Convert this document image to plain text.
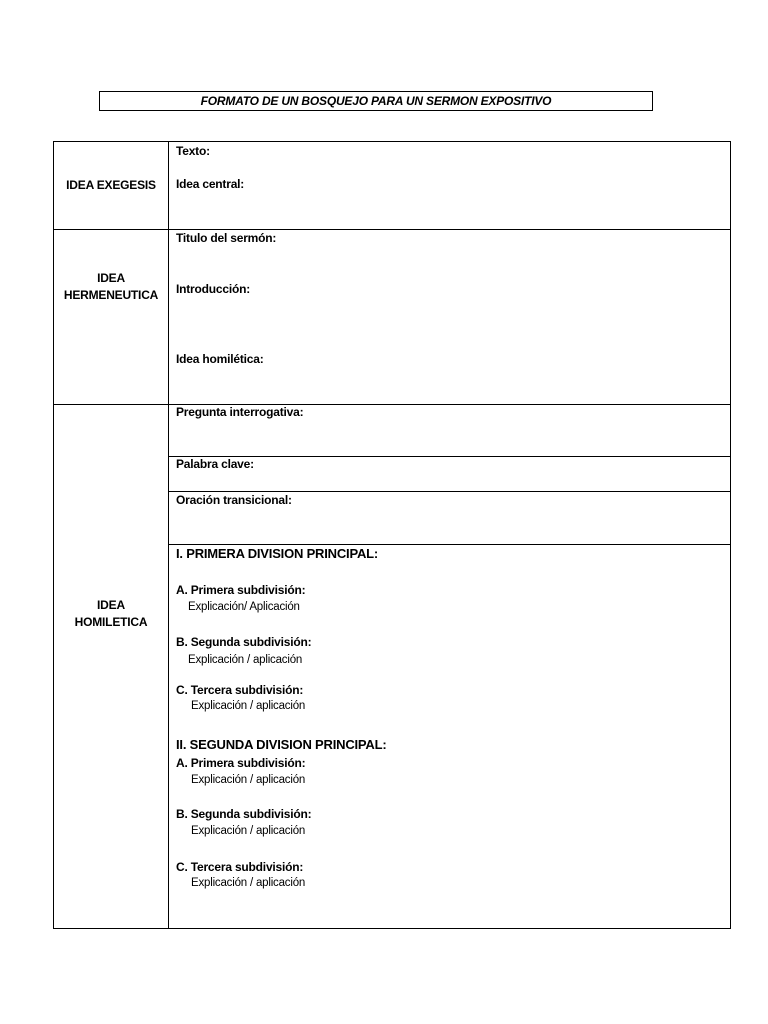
FORMATO DE UN BOSQUEJO PARA UN SERMON EXPOSITIVO
IDEA EXEGESIS
IDEA
HERMENEUTICA
IDEA
HOMILETICA
Texto:
Idea central:
Titulo del sermón:
Introducción:
Idea homilética:
Pregunta interrogativa:
Palabra clave:
Oración transicional:
I. PRIMERA DIVISION PRINCIPAL:
A. Primera subdivisión:
Explicación/ Aplicación
B. Segunda subdivisión:
Explicación / aplicación
C. Tercera subdivisión:
Explicación / aplicación
II. SEGUNDA DIVISION PRINCIPAL:
A. Primera subdivisión:
Explicación / aplicación
B. Segunda subdivisión:
Explicación / aplicación
C. Tercera subdivisión:
Explicación / aplicación
